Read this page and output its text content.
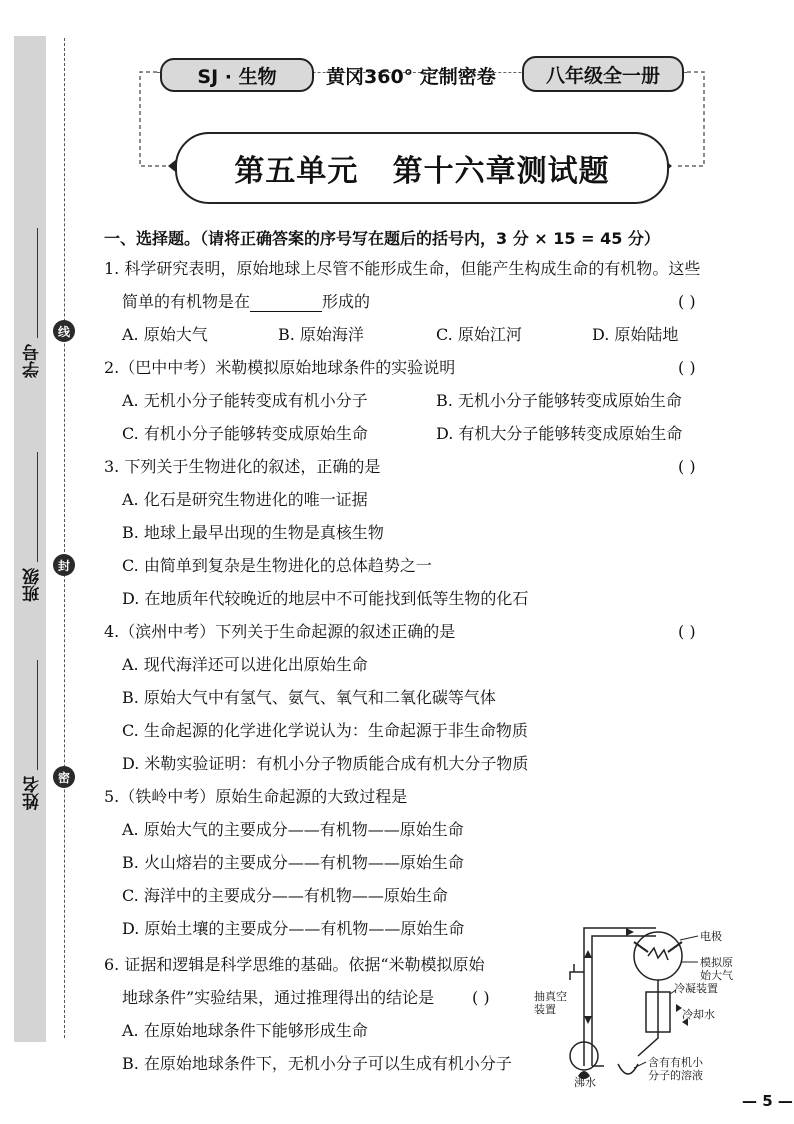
学号
班级
姓名
线
封
密
SJ · 生物	黄冈360° 定制密卷	八年级全一册
第五单元   第十六章测试题
一、选择题。（请将正确答案的序号写在题后的括号内，3 分 × 15 = 45 分）
1. 科学研究表明，原始地球上尽管不能形成生命，但能产生构成生命的有机物。这些
简单的有机物是在	形成的	( )
A. 原始大气	B. 原始海洋	C. 原始江河	D. 原始陆地
2.（巴中中考）米勒模拟原始地球条件的实验说明	( )
A. 无机小分子能转变成有机小分子	B. 无机小分子能够转变成原始生命
C. 有机小分子能够转变成原始生命	D. 有机大分子能够转变成原始生命
3. 下列关于生物进化的叙述，正确的是	( )
A. 化石是研究生物进化的唯一证据
B. 地球上最早出现的生物是真核生物
C. 由简单到复杂是生物进化的总体趋势之一
D. 在地质年代较晚近的地层中不可能找到低等生物的化石
4.（滨州中考）下列关于生命起源的叙述正确的是	( )
A. 现代海洋还可以进化出原始生命
B. 原始大气中有氢气、氨气、氧气和二氧化碳等气体
C. 生命起源的化学进化学说认为：生命起源于非生命物质
D. 米勒实验证明：有机小分子物质能合成有机大分子物质
5.（铁岭中考）原始生命起源的大致过程是
A. 原始大气的主要成分——有机物——原始生命
B. 火山熔岩的主要成分——有机物——原始生命
C. 海洋中的主要成分——有机物——原始生命
D. 原始土壤的主要成分——有机物——原始生命
6. 证据和逻辑是科学思维的基础。依据“米勒模拟原始
地球条件”实验结果，通过推理得出的结论是 ( )
A. 在原始地球条件下能够形成生命
B. 在原始地球条件下，无机小分子可以生成有机小分子
电极
模拟原
始大气
冷凝装置
冷却水
抽真空
装置
沸水
含有有机小
分子的溶液
— 5 —
